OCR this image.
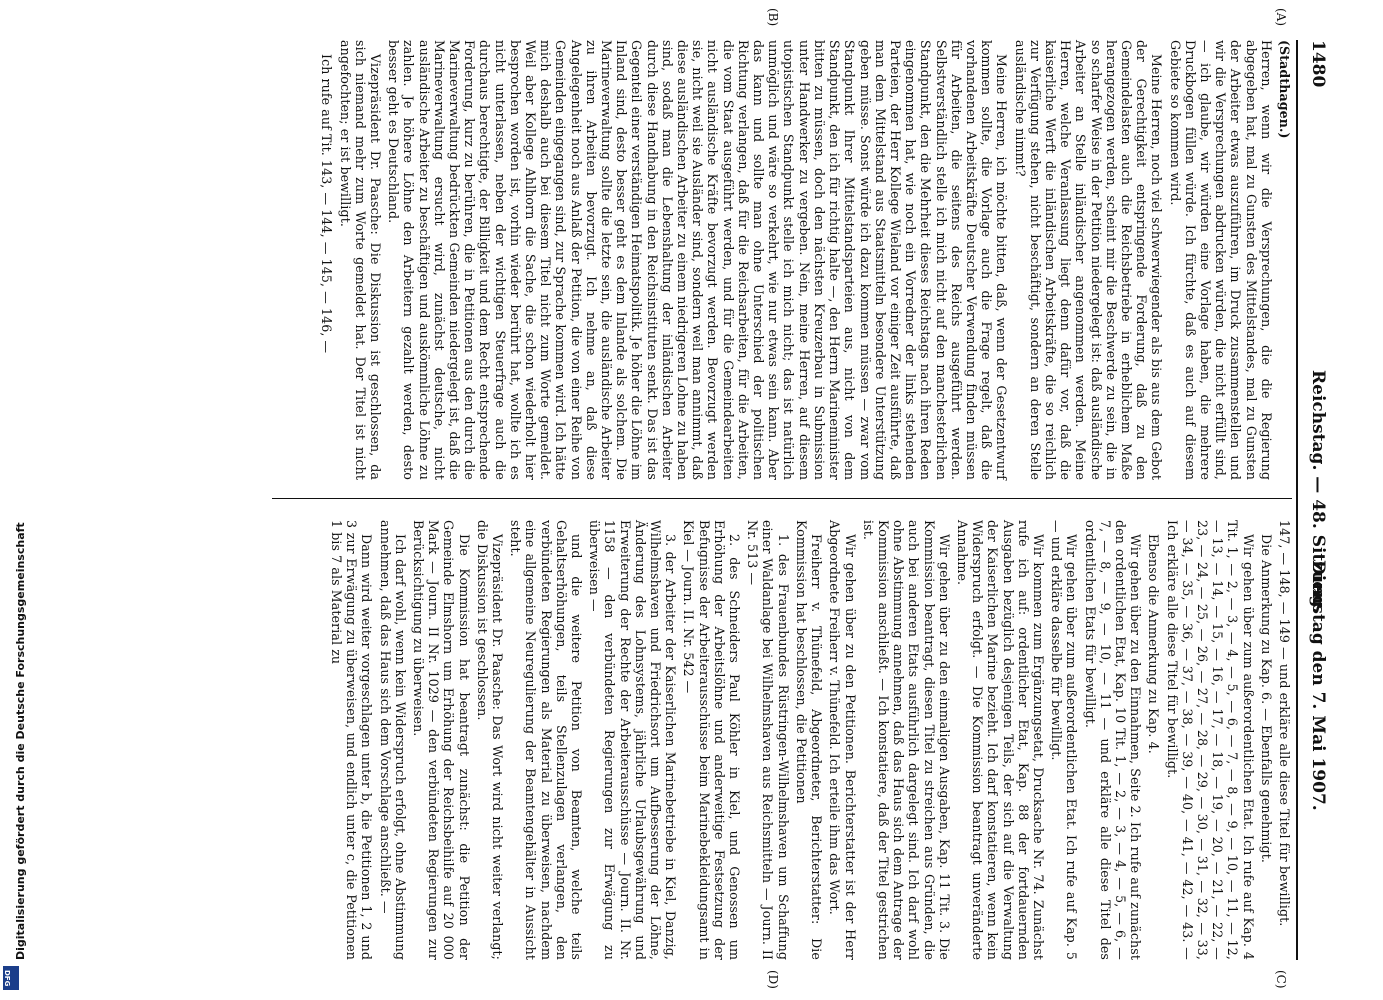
1480
Reichstag. — 48. Sitzung.
Dienstag den 7. Mai 1907.
(A)
(B)
(C)
(D)

(Stadthagen.)

Herren, wenn wir die Versprechungen, die die Regierung abgegeben hat, mal zu Gunsten des Mittelstandes, mal zu Gunsten der Arbeiter etwas auszuführen, im Druck zusammenstellen und wir die Versprechungen abdrucken würden, die nicht erfüllt sind, — ich glaube, wir würden eine Vorlage haben, die mehrere Druckbogen füllen würde. Ich fürchte, daß es auch auf diesem Gebiete so kommen wird.

Meine Herren, noch viel schwerwiegender als bis aus dem Gebot der Gerechtigkeit entspringende Forderung, daß zu den Gemeindelasten auch die Reichsbetriebe in erheblichem Maße herangezogen werden, scheint mir die Beschwerde zu sein, die in so scharfer Weise in der Petition niedergelegt ist: daß ausländische Arbeiter an Stelle inländischer angenommen werden. Meine Herren, welche Veranlassung liegt denn dafür vor, daß die kaiserliche Werft die inländischen Arbeitskräfte, die so reichlich zur Verfügung stehen, nicht beschäftigt, sondern an deren Stelle ausländische nimmt?

Meine Herren, ich möchte bitten, daß, wenn der Gesetzentwurf kommen sollte, die Vorlage auch die Frage regelt, daß die vorhandenen Arbeitskräfte Deutscher Verwendung finden müssen für Arbeiten, die seitens des Reichs ausgeführt werden. Selbstverständlich stelle ich mich nicht auf den manchesterlichen Standpunkt, den die Mehrheit dieses Reichstags nach ihren Reden eingenommen hat, wie noch ein Vorredner der links stehenden Parteien, der Herr Kollege Wieland vor einiger Zeit ausführte, daß man dem Mittelstand aus Staatsmitteln besondere Unterstützung geben müsse. Sonst würde ich dazu kommen müssen — zwar vom Standpunkt Ihrer Mittelstandsparteien aus, nicht von dem Standpunkt, den ich für richtig halte —, den Herrn Marineminister bitten zu müssen, doch den nächsten Kreuzerbau in Submission unter Handwerker zu vergeben. Nein, meine Herren, auf diesem utopistischen Standpunkt stelle ich mich nicht; das ist natürlich unmöglich und wäre so verkehrt, wie nur etwas sein kann. Aber das kann und sollte man ohne Unterschied der politischen Richtung verlangen, daß für die Reichsarbeiten, für die Arbeiten, die vom Staat ausgeführt werden, und für die Gemeindearbeiten nicht ausländische Kräfte bevorzugt werden. Bevorzugt werden sie, nicht weil sie Ausländer sind, sondern weil man annimmt, daß diese ausländischen Arbeiter zu einem niedrigeren Lohne zu haben sind, sodaß man die Lebenshaltung der inländischen Arbeiter durch diese Handhabung in den Reichsinstituten senkt. Das ist das Gegenteil einer verständigen Heimatspolitik. Je höher die Löhne im Inland sind, desto besser geht es dem Inlande als solchem. Die Marineverwaltung sollte die letzte sein, die ausländische Arbeiter zu ihren Arbeiten bevorzugt. Ich nehme an, daß diese Angelegenheit noch aus Anlaß der Petition, die von einer Reihe von Gemeinden eingegangen sind, zur Sprache kommen wird. Ich hätte mich deshalb auch bei diesem Titel nicht zum Worte gemeldet. Weil aber Kollege Ahlhorn die Sache, die schon wiederholt hier besprochen worden ist, vorhin wieder berührt hat, wollte ich es nicht unterlassen, neben der wichtigen Steuerfrage auch die durchaus berechtigte, der Billigkeit und dem Recht entsprechende Forderung, kurz zu berühren, die in Petitionen aus den durch die Marineverwaltung bedrückten Gemeinden niedergelegt ist, daß die Marineverwaltung ersucht wird, zunächst deutsche, nicht ausländische Arbeiter zu beschäftigen und auskömmliche Löhne zu zahlen. Je höhere Löhne den Arbeitern gezahlt werden, desto besser geht es Deutschland.

Vizepräsident Dr. Paasche: Die Diskussion ist geschlossen, da sich niemand mehr zum Worte gemeldet hat. Der Titel ist nicht angefochten; er ist bewilligt.

Ich rufe auf Tit. 143, — 144, — 145, — 146, —

147, — 148, — 149 — und erkläre alle diese Titel für bewilligt.

Die Anmerkung zu Kap. 6. — Ebenfalls genehmigt.

Wir gehen über zum außerordentlichen Etat. Ich rufe auf Kap. 4 Tit. 1, — 2, — 3, — 4, — 5, — 6, — 7, — 8, — 9, — 10, — 11, — 12, — 13, — 14, — 15, — 16, — 17, — 18, — 19, — 20, — 21, — 22, — 23, — 24, — 25, — 26, — 27, — 28, — 29, — 30, — 31, — 32, — 33, — 34, — 35, — 36, — 37, — 38, — 39, — 40, — 41, — 42, — 43. — Ich erkläre alle diese Titel für bewilligt.

Ebenso die Anmerkung zu Kap. 4.

Wir gehen über zu den Einnahmen, Seite 2. Ich rufe auf zunächst den ordentlichen Etat, Kap. 10 Tit. 1, — 2, — 3, — 4, — 5, — 6, — 7, — 8, — 9, — 10, — 11 — und erkläre alle diese Titel des ordentlichen Etats für bewilligt.

Wir gehen über zum außerordentlichen Etat. Ich rufe auf Kap. 5 — und erkläre dasselbe für bewilligt.

Wir kommen zum Ergänzungsetat, Drucksache Nr. 74. Zunächst rufe ich auf: ordentlicher Etat, Kap. 88 der fortdauernden Ausgaben bezüglich desjenigen Teils, der sich auf die Verwaltung der Kaiserlichen Marine bezieht. Ich darf konstatieren, wenn kein Widerspruch erfolgt. — Die Kommission beantragt unveränderte Annahme.

Wir gehen über zu den einmaligen Ausgaben, Kap. 11 Tit. 3. Die Kommission beantragt, diesen Titel zu streichen aus Gründen, die auch bei anderen Etats ausführlich dargelegt sind. Ich darf wohl ohne Abstimmung annehmen, daß das Haus sich dem Antrage der Kommission anschließt. — Ich konstatiere, daß der Titel gestrichen ist.

Wir gehen über zu den Petitionen. Berichterstatter ist der Herr Abgeordnete Freiherr v. Thünefeld. Ich erteile ihm das Wort.

Freiherr v. Thünefeld, Abgeordneter, Berichterstatter: Die Kommission hat beschlossen, die Petitionen

1. des Frauenbundes Rüstringen-Wilhelmshaven um Schaffung einer Waldanlage bei Wilhelmshaven aus Reichsmitteln — Journ. II Nr. 513 —

2. des Schneiders Paul Köhler in Kiel, und Genossen um Erhöhung der Arbeitslöhne und anderweitige Festsetzung der Befugnisse der Arbeiterausschüsse beim Marinebekleidungsamt in Kiel — Journ. II. Nr. 542 —

3. der Arbeiter der Kaiserlichen Marinebetriebe in Kiel, Danzig, Wilhelmshaven und Friedrichsort um Aufbesserung der Löhne, Änderung des Lohnsystems, jährliche Urlaubsgewährung und Erweiterung der Rechte der Arbeiterausschüsse — Journ. II. Nr. 1158 — den verbündeten Regierungen zur Erwägung zu überweisen —

und die weitere Petition von Beamten, welche teils Gehaltserhöhungen, teils Stellenzulagen verlangen, den verbündeten Regierungen als Material zu überweisen, nachdem eine allgemeine Neuregulierung der Beamtengehälter in Aussicht steht.

Vizepräsident Dr. Paasche: Das Wort wird nicht weiter verlangt; die Diskussion ist geschlossen.

Die Kommission hat beantragt zunächst: die Petition der Gemeinde Elmshorn um Erhöhung der Reichsbeihilfe auf 20 000 Mark — Journ. II Nr. 1029 — den verbündeten Regierungen zur Berücksichtigung zu überweisen.

Ich darf wohl, wenn kein Widerspruch erfolgt, ohne Abstimmung annehmen, daß das Haus sich dem Vorschlage anschließt. —

Dann wird weiter vorgeschlagen unter b, die Petitionen 1, 2 und 3 zur Erwägung zu überweisen, und endlich unter c, die Petitionen 1 bis 7 als Material zu

Digitalisierung gefördert durch die Deutsche Forschungsgemeinschaft
DFG
